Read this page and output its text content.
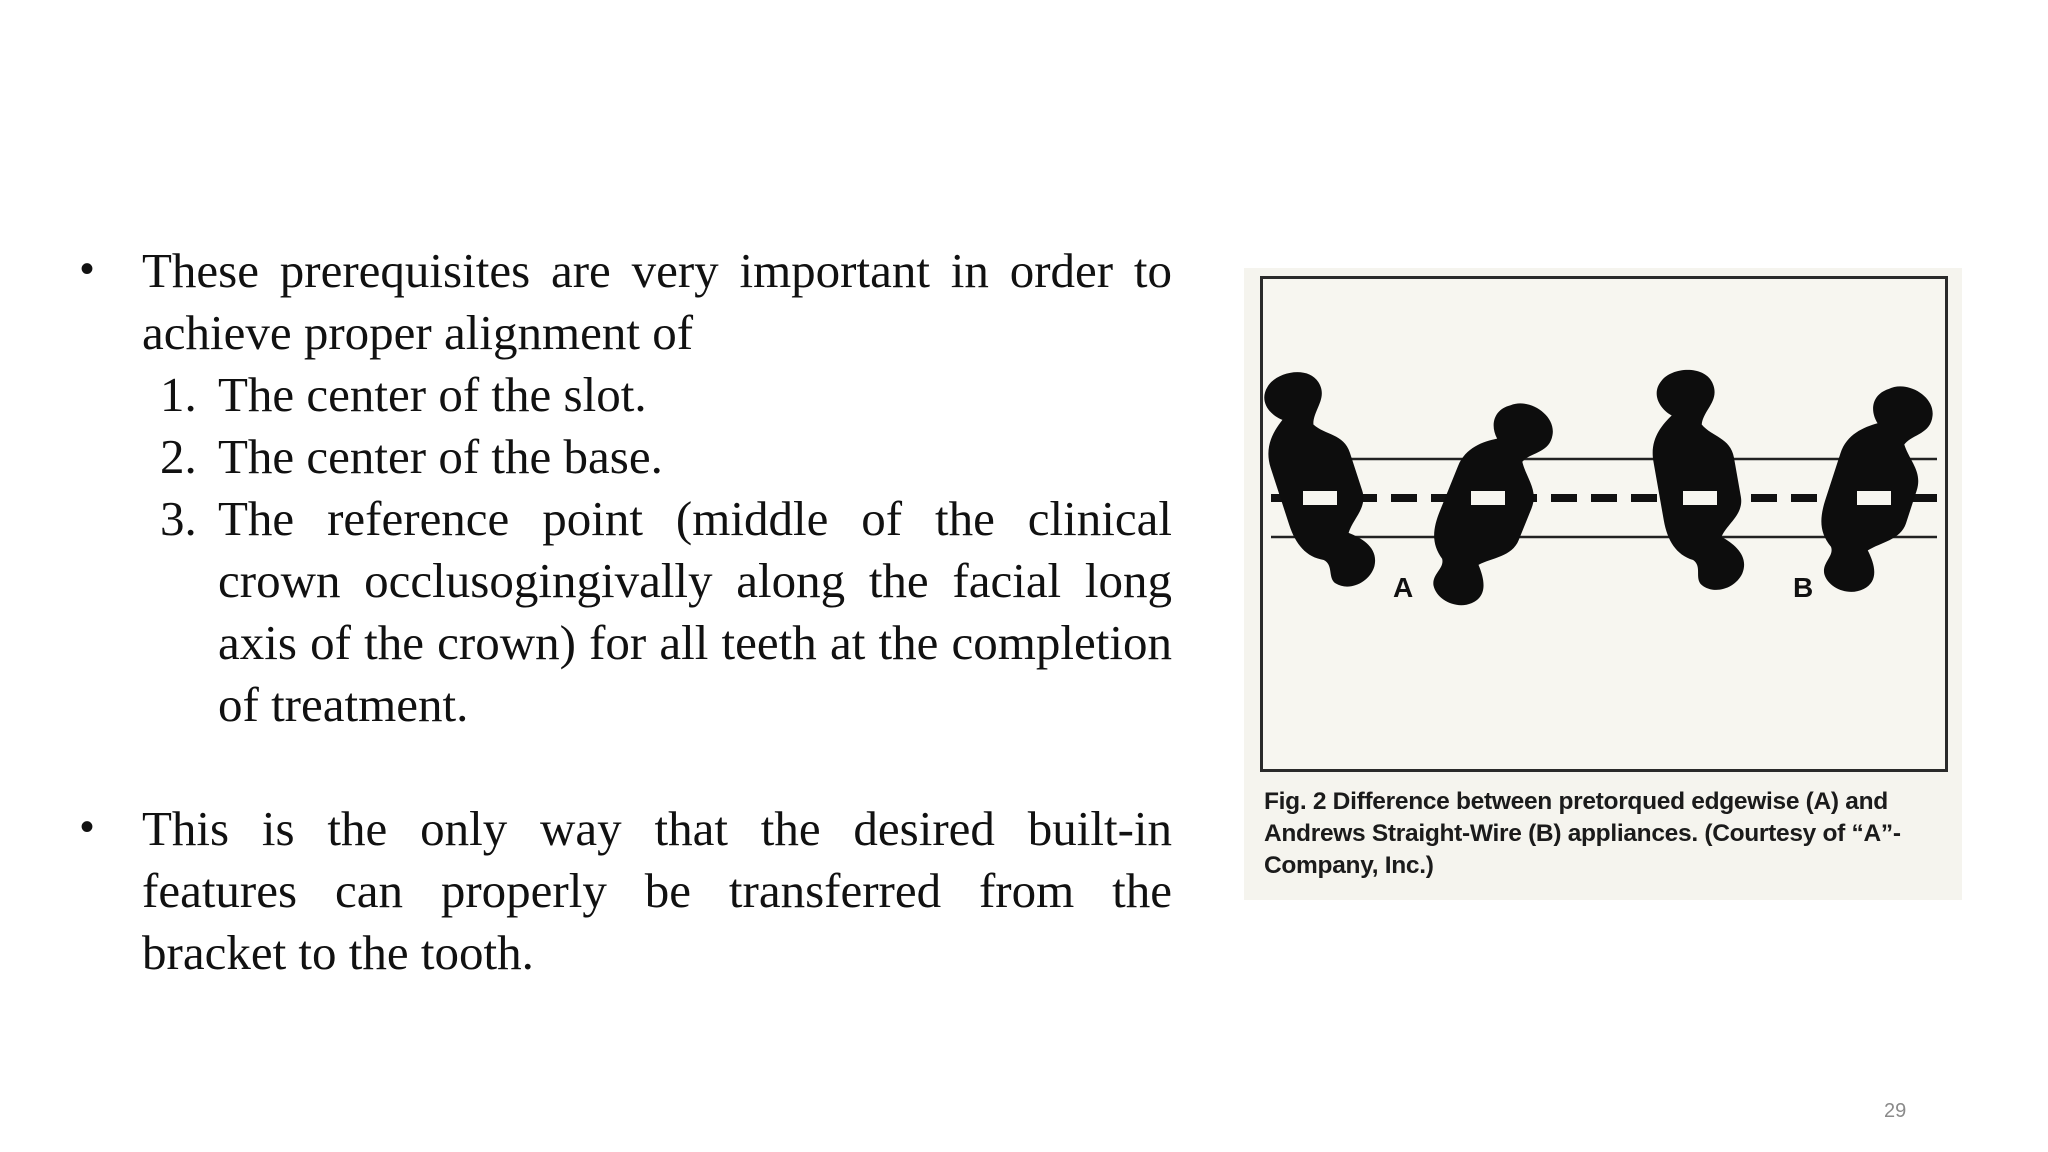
• These prerequisites are very important in order to achieve proper alignment of
1. The center of the slot.
2. The center of the base.
3. The reference point (middle of the clinical crown occlusogingivally along the facial long axis of the crown) for all teeth at the completion of treatment.
• This is the only way that the desired built-in features can properly be transferred from the bracket to the tooth.
A	B
Fig. 2 Difference between pretorqued edgewise (A) and Andrews Straight-Wire (B) appliances. (Courtesy of “A”-Company, Inc.)
29
